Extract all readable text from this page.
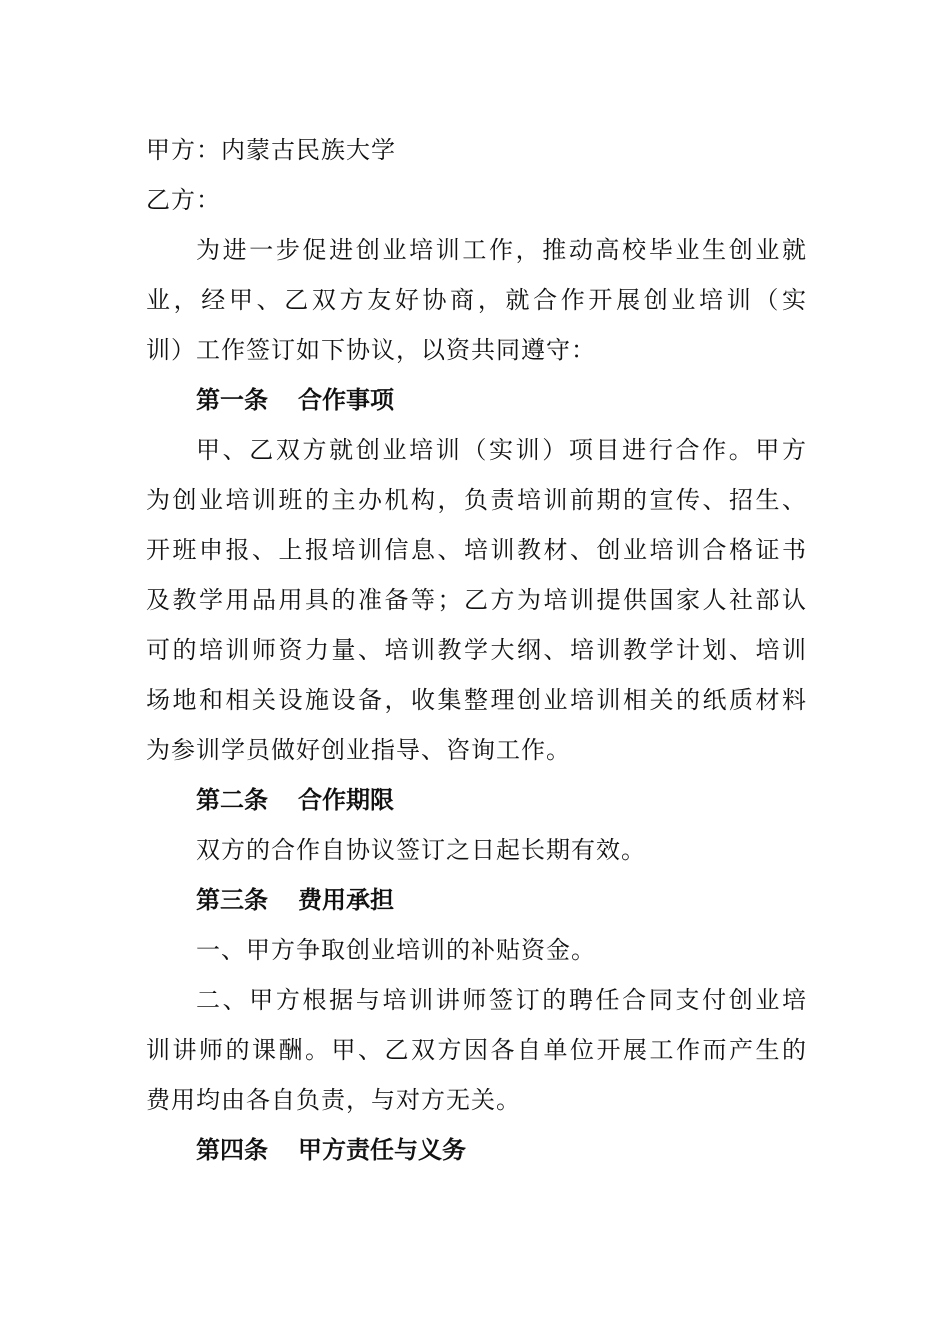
甲方：内蒙古民族大学

乙方：

为进一步促进创业培训工作，推动高校毕业生创业就

业，经甲、乙双方友好协商，就合作开展创业培训（实

训）工作签订如下协议，以资共同遵守：

第一条 合作事项

甲、乙双方就创业培训（实训）项目进行合作。甲方

为创业培训班的主办机构，负责培训前期的宣传、招生、

开班申报、上报培训信息、培训教材、创业培训合格证书

及教学用品用具的准备等；乙方为培训提供国家人社部认

可的培训师资力量、培训教学大纲、培训教学计划、培训

场地和相关设施设备，收集整理创业培训相关的纸质材料

为参训学员做好创业指导、咨询工作。

第二条 合作期限

双方的合作自协议签订之日起长期有效。

第三条 费用承担

一、甲方争取创业培训的补贴资金。

二、甲方根据与培训讲师签订的聘任合同支付创业培

训讲师的课酬。甲、乙双方因各自单位开展工作而产生的

费用均由各自负责，与对方无关。

第四条 甲方责任与义务
